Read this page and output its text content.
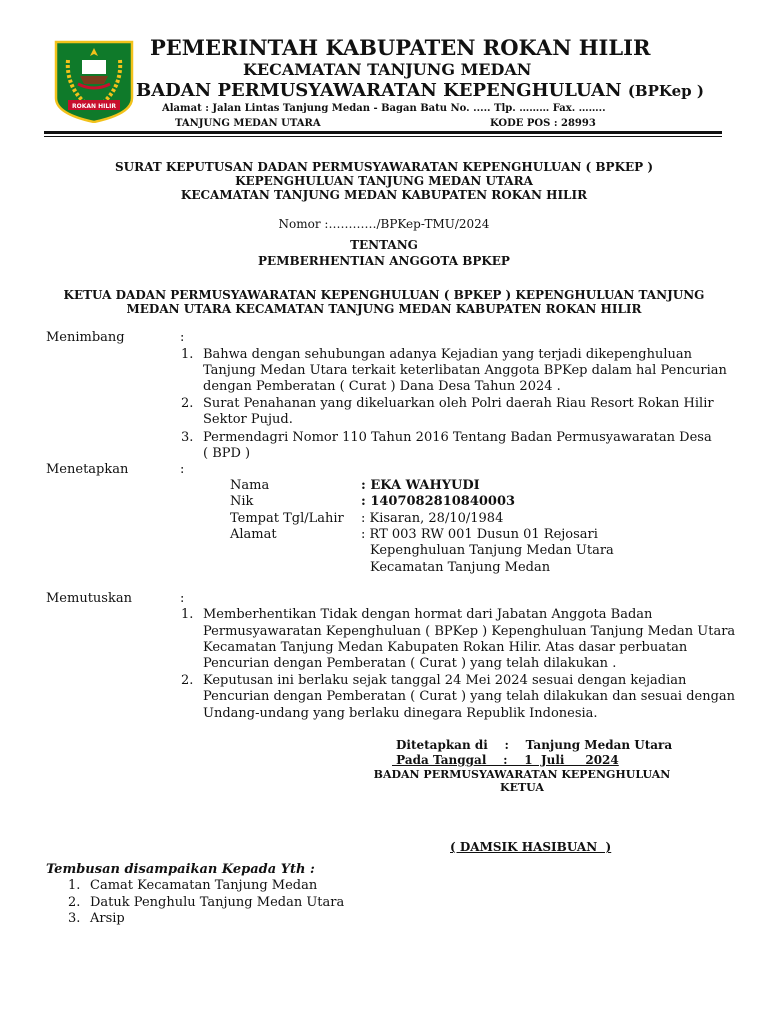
ROKAN HILIR
PEMERINTAH KABUPATEN ROKAN HILIR
KECAMATAN TANJUNG MEDAN
BADAN PERMUSYAWARATAN KEPENGHULUAN (BPKep )
Alamat : Jalan Lintas Tanjung Medan - Bagan Batu No. ..... Tlp. ……… Fax. ……..
TANJUNG MEDAN UTARA	KODE POS : 28993
SURAT KEPUTUSAN DADAN PERMUSYAWARATAN KEPENGHULUAN ( BPKEP )
KEPENGHULUAN TANJUNG MEDAN UTARA
KECAMATAN TANJUNG MEDAN KABUPATEN ROKAN HILIR
Nomor :…………/BPKep-TMU/2024
TENTANG
PEMBERHENTIAN ANGGOTA BPKEP
KETUA DADAN PERMUSYAWARATAN KEPENGHULUAN ( BPKEP ) KEPENGHULUAN TANJUNG
MEDAN UTARA KECAMATAN TANJUNG MEDAN KABUPATEN ROKAN HILIR
Menimbang	:
1. Bahwa dengan sehubungan adanya Kejadian yang terjadi dikepenghuluan
Tanjung Medan Utara terkait keterlibatan Anggota BPKep dalam hal Pencurian
dengan Pemberatan ( Curat ) Dana Desa Tahun 2024 .
2. Surat Penahanan yang dikeluarkan oleh Polri daerah Riau Resort Rokan Hilir
Sektor Pujud.
3. Permendagri Nomor 110 Tahun 2016 Tentang Badan Permusyawaratan Desa
( BPD )
Menetapkan	:
Nama	: EKA WAHYUDI
Nik	: 1407082810840003
Tempat Tgl/Lahir : Kisaran, 28/10/1984
Alamat	: RT 003 RW 001 Dusun 01 Rejosari
Kepenghuluan Tanjung Medan Utara
Kecamatan Tanjung Medan
Memutuskan	:
1. Memberhentikan Tidak dengan hormat dari Jabatan Anggota Badan
Permusyawaratan Kepenghuluan ( BPKep ) Kepenghuluan Tanjung Medan Utara
Kecamatan Tanjung Medan Kabupaten Rokan Hilir. Atas dasar perbuatan
Pencurian dengan Pemberatan ( Curat ) yang telah dilakukan .
2. Keputusan ini berlaku sejak tanggal 24 Mei 2024 sesuai dengan kejadian
Pencurian dengan Pemberatan ( Curat ) yang telah dilakukan dan sesuai dengan
Undang-undang yang berlaku dinegara Republik Indonesia.
Ditetapkan di    :    Tanjung Medan Utara
Pada Tanggal    :    1  Juli     2024
BADAN PERMUSYAWARATAN KEPENGHULUAN
KETUA
( DAMSIK HASIBUAN  )
Tembusan disampaikan Kepada Yth :
1. Camat Kecamatan Tanjung Medan
2. Datuk Penghulu Tanjung Medan Utara
3. Arsip
